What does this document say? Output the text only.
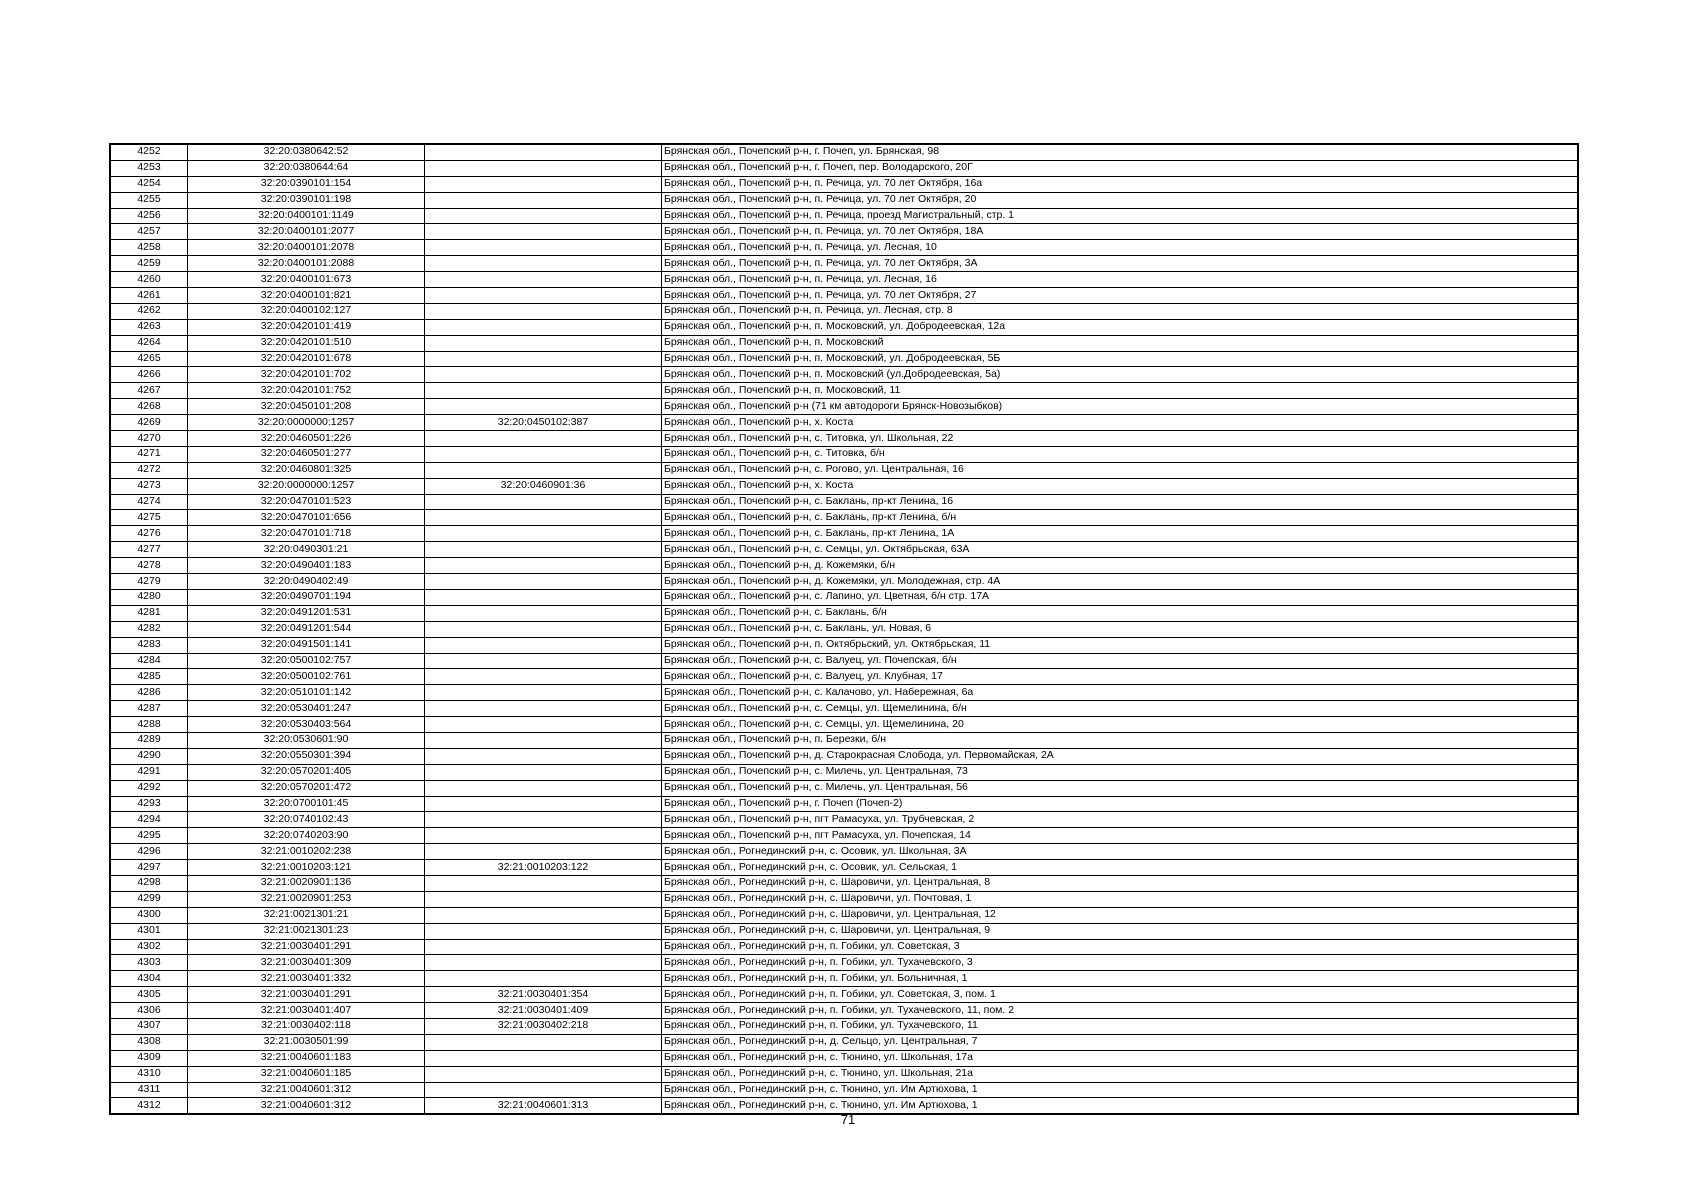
4252	32:20:0380642:52		Брянская обл., Почепский р-н, г. Почеп, ул. Брянская, 98
4253	32:20:0380644:64		Брянская обл., Почепский р-н, г. Почеп, пер. Володарского, 20Г
4254	32:20:0390101:154		Брянская обл., Почепский р-н, п. Речица, ул. 70 лет Октября, 16а
4255	32:20:0390101:198		Брянская обл., Почепский р-н, п. Речица, ул. 70 лет Октября, 20
4256	32:20:0400101:1149		Брянская обл., Почепский р-н, п. Речица, проезд Магистральный, стр. 1
4257	32:20:0400101:2077		Брянская обл., Почепский р-н, п. Речица, ул. 70 лет Октября, 18А
4258	32:20:0400101:2078		Брянская обл., Почепский р-н, п. Речица, ул. Лесная, 10
4259	32:20:0400101:2088		Брянская обл., Почепский р-н, п. Речица, ул. 70 лет Октября, 3А
4260	32:20:0400101:673		Брянская обл., Почепский р-н, п. Речица, ул. Лесная, 16
4261	32:20:0400101:821		Брянская обл., Почепский р-н, п. Речица, ул. 70 лет Октября, 27
4262	32:20:0400102:127		Брянская обл., Почепский р-н, п. Речица, ул. Лесная, стр. 8
4263	32:20:0420101:419		Брянская обл., Почепский р-н, п. Московский, ул. Добродеевская, 12а
4264	32:20:0420101:510		Брянская обл., Почепский р-н, п. Московский
4265	32:20:0420101:678		Брянская обл., Почепский р-н, п. Московский, ул. Добродеевская, 5Б
4266	32:20:0420101:702		Брянская обл., Почепский р-н, п. Московский (ул.Добродеевская, 5а)
4267	32:20:0420101:752		Брянская обл., Почепский р-н, п. Московский, 11
4268	32:20:0450101:208		Брянская обл., Почепский р-н (71 км автодороги Брянск-Новозыбков)
4269	32:20:0000000:1257	32:20:0450102:387	Брянская обл., Почепский р-н, х. Коста
4270	32:20:0460501:226		Брянская обл., Почепский р-н, с. Титовка, ул. Школьная, 22
4271	32:20:0460501:277		Брянская обл., Почепский р-н, с. Титовка, б/н
4272	32:20:0460801:325		Брянская обл., Почепский р-н, с. Рогово, ул. Центральная, 16
4273	32:20:0000000:1257	32:20:0460901:36	Брянская обл., Почепский р-н, х. Коста
4274	32:20:0470101:523		Брянская обл., Почепский р-н, с. Баклань, пр-кт Ленина, 16
4275	32:20:0470101:656		Брянская обл., Почепский р-н, с. Баклань, пр-кт Ленина, б/н
4276	32:20:0470101:718		Брянская обл., Почепский р-н, с. Баклань, пр-кт Ленина, 1А
4277	32:20:0490301:21		Брянская обл., Почепский р-н, с. Семцы, ул. Октябрьская, 63А
4278	32:20:0490401:183		Брянская обл., Почепский р-н, д. Кожемяки, б/н
4279	32:20:0490402:49		Брянская обл., Почепский р-н, д. Кожемяки, ул. Молодежная, стр. 4А
4280	32:20:0490701:194		Брянская обл., Почепский р-н, с. Лапино, ул. Цветная, б/н стр. 17А
4281	32:20:0491201:531		Брянская обл., Почепский р-н, с. Баклань, б/н
4282	32:20:0491201:544		Брянская обл., Почепский р-н, с. Баклань, ул. Новая, 6
4283	32:20:0491501:141		Брянская обл., Почепский р-н, п. Октябрьский, ул. Октябрьская, 11
4284	32:20:0500102:757		Брянская обл., Почепский р-н, с. Валуец, ул. Почепская, б/н
4285	32:20:0500102:761		Брянская обл., Почепский р-н, с. Валуец, ул. Клубная, 17
4286	32:20:0510101:142		Брянская обл., Почепский р-н, с. Калачово, ул. Набережная, 6а
4287	32:20:0530401:247		Брянская обл., Почепский р-н, с. Семцы, ул. Щемелинина, б/н
4288	32:20:0530403:564		Брянская обл., Почепский р-н, с. Семцы, ул. Щемелинина, 20
4289	32:20:0530601:90		Брянская обл., Почепский р-н, п. Березки, б/н
4290	32:20:0550301:394		Брянская обл., Почепский р-н, д. Старокрасная Слобода, ул. Первомайская, 2А
4291	32:20:0570201:405		Брянская обл., Почепский р-н, с. Милечь, ул. Центральная, 73
4292	32:20:0570201:472		Брянская обл., Почепский р-н, с. Милечь, ул. Центральная, 56
4293	32:20:0700101:45		Брянская обл., Почепский р-н, г. Почеп (Почеп-2)
4294	32:20:0740102:43		Брянская обл., Почепский р-н, пгт Рамасуха, ул. Трубчевская, 2
4295	32:20:0740203:90		Брянская обл., Почепский р-н, пгт Рамасуха, ул. Почепская, 14
4296	32:21:0010202:238		Брянская обл., Рогнединский р-н, с. Осовик, ул. Школьная, 3А
4297	32:21:0010203:121	32:21:0010203:122	Брянская обл., Рогнединский р-н, с. Осовик, ул. Сельская, 1
4298	32:21:0020901:136		Брянская обл., Рогнединский р-н, с. Шаровичи, ул. Центральная, 8
4299	32:21:0020901:253		Брянская обл., Рогнединский р-н, с. Шаровичи, ул. Почтовая, 1
4300	32:21:0021301:21		Брянская обл., Рогнединский р-н, с. Шаровичи, ул. Центральная, 12
4301	32:21:0021301:23		Брянская обл., Рогнединский р-н, с. Шаровичи, ул. Центральная, 9
4302	32:21:0030401:291		Брянская обл., Рогнединский р-н, п. Гобики, ул. Советская, 3
4303	32:21:0030401:309		Брянская обл., Рогнединский р-н, п. Гобики, ул. Тухачевского, 3
4304	32:21:0030401:332		Брянская обл., Рогнединский р-н, п. Гобики, ул. Больничная, 1
4305	32:21:0030401:291	32:21:0030401:354	Брянская обл., Рогнединский р-н, п. Гобики, ул. Советская, 3, пом. 1
4306	32:21:0030401:407	32:21:0030401:409	Брянская обл., Рогнединский р-н, п. Гобики, ул. Тухачевского, 11, пом. 2
4307	32:21:0030402:118	32:21:0030402:218	Брянская обл., Рогнединский р-н, п. Гобики, ул. Тухачевского, 11
4308	32:21:0030501:99		Брянская обл., Рогнединский р-н, д. Сельцо, ул. Центральная, 7
4309	32:21:0040601:183		Брянская обл., Рогнединский р-н, с. Тюнино, ул. Школьная, 17а
4310	32:21:0040601:185		Брянская обл., Рогнединский р-н, с. Тюнино, ул. Школьная, 21а
4311	32:21:0040601:312		Брянская обл., Рогнединский р-н, с. Тюнино, ул. Им Артюхова, 1
4312	32:21:0040601:312	32:21:0040601:313	Брянская обл., Рогнединский р-н, с. Тюнино, ул. Им Артюхова, 1
71
